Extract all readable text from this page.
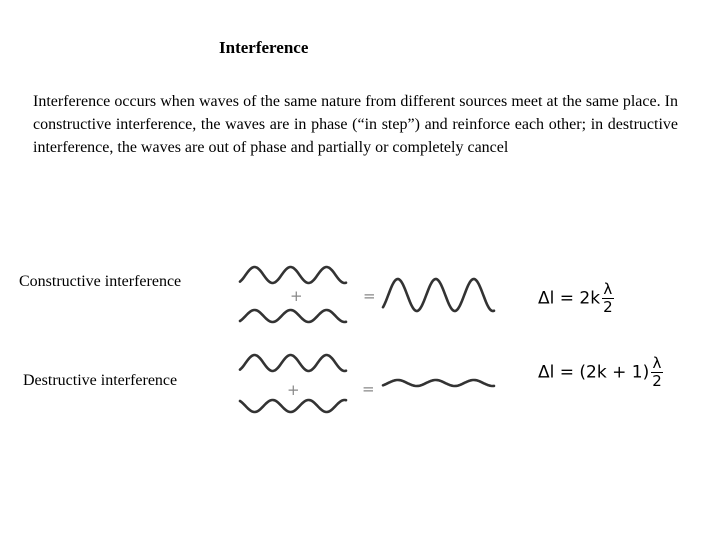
Interference
Interference occurs when waves of the same nature from different sources meet at the same place. In constructive interference, the waves are in phase (“in step”) and reinforce each other; in destructive interference, the waves are out of phase and partially or completely cancel
Constructive interference
Destructive interference
+	=
+	=
$\Delta l = 2k \frac{\lambda}{2}$
$\Delta l = (2k + 1) \frac{\lambda}{2}$
